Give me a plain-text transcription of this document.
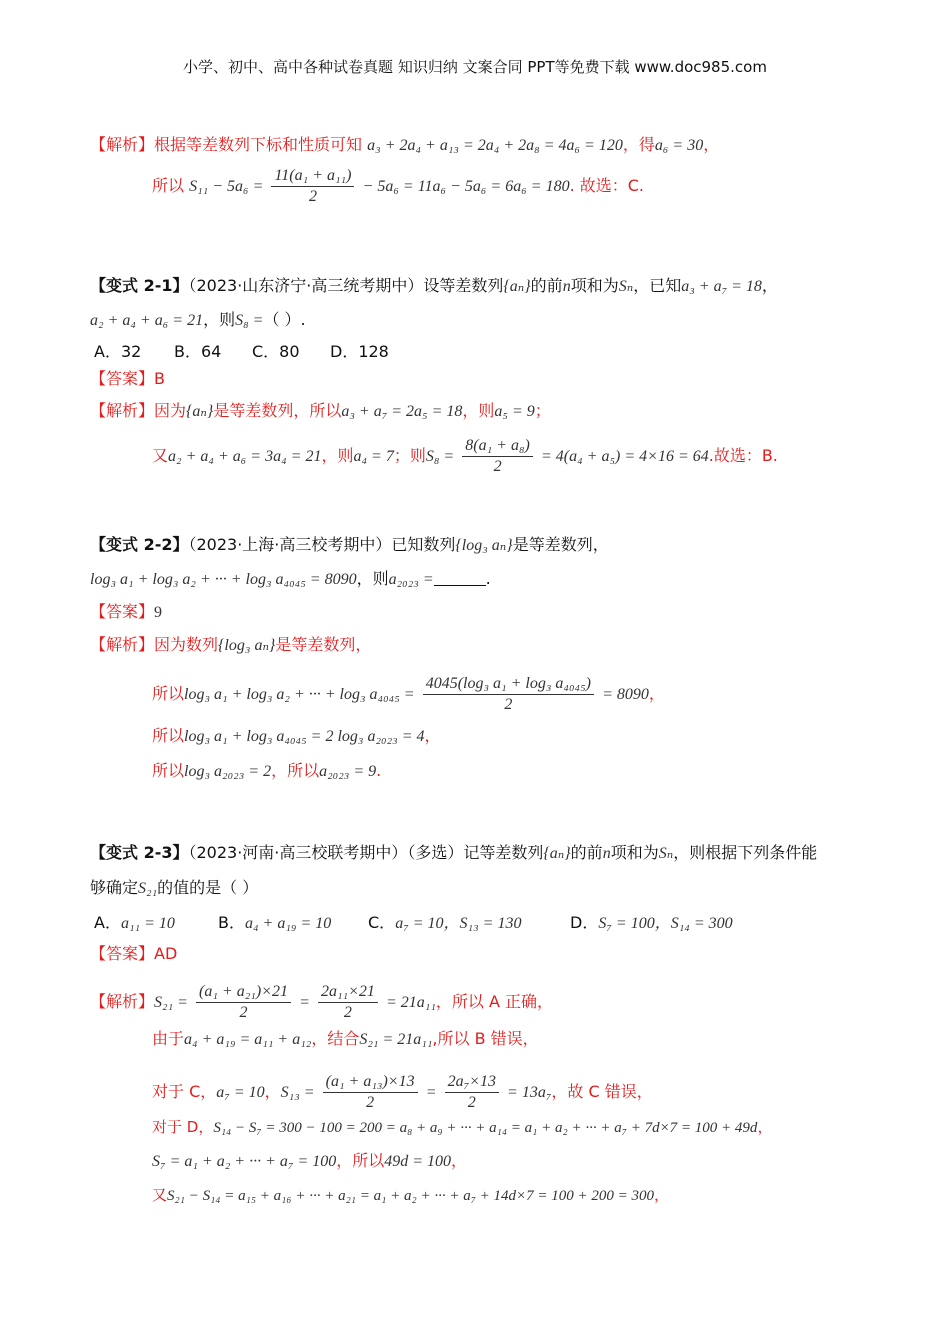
小学、初中、高中各种试卷真题 知识归纳 文案合同 PPT等免费下载 www.doc985.com
【解析】根据等差数列下标和性质可知 a₃ + 2a₄ + a₁₃ = 2a₄ + 2a₈ = 4a₆ = 120，得a₆ = 30，
所以 $S_{11} - 5a_6 = \frac{\text{11(a₁ + a₁₁)}}{2} - 5a_6 = 11a_6 - 5a_6 = 6a_6 = 180$. 故选：C.
【变式 2-1】（2023·山东济宁·高三统考期中）设等差数列{aₙ}的前n项和为Sₙ，已知a₃ + a₇ = 18，
a₂ + a₄ + a₆ = 21，则S₈ =（ ）.
A．32 B．64 C．80 D．128
【答案】B
【解析】因为{aₙ}是等差数列，所以a₃ + a₇ = 2a₅ = 18，则a₅ = 9；
又a₂ + a₄ + a₆ = 3a₄ = 21，则a₄ = 7；则$S_8 = \frac{\text{8(a₁ + a₈)}}{2} = 4(a_4 + a_5) = 4\times 16 = 64$.故选：B.
【变式 2-2】（2023·上海·高三校考期中）已知数列{log₃ aₙ}是等差数列，
log₃ a₁ + log₃ a₂ + ··· + log₃ a₄₀₄₅ = 8090，则a₂₀₂₃ =	.
【答案】9
【解析】因为数列{log₃ aₙ}是等差数列，
所以log₃ a₁ + log₃ a₂ + ··· + log₃ $a_{4045} = \frac{\text{4045(log₃ a₁ + log₃ a₄₀₄₅)}}{2} = 8090$，
所以log₃ a₁ + log₃ a₄₀₄₅ = 2 log₃ a₂₀₂₃ = 4，
所以log₃ a₂₀₂₃ = 2，所以a₂₀₂₃ = 9.
【变式 2-3】（2023·河南·高三校联考期中）（多选）记等差数列{aₙ}的前n项和为Sₙ，则根据下列条件能
够确定S₂₁的值的是（ ）
A．a₁₁ = 10	B．a₄ + a₁₉ = 10 C．a₇ = 10，S₁₃ = 130	D．S₇ = 100，S₁₄ = 300
【答案】AD
【解析】$S_{21} = \frac{\text{(a₁ + a₂₁)×21}}{2} = \frac{\text{2a₁₁×21}}{2} = 21a_{11}$，所以 A 正确，
由于a₄ + a₁₉ = a₁₁ + a₁₂，结合S₂₁ = 21a₁₁,所以 B 错误，
对于 C，a₇ = 10，$S_{13} = \frac{\text{(a₁ + a₁₃)×13}}{2} = \frac{\text{2a₇×13}}{2} = 13a_7$，故 C 错误，
对于 D，S₁₄ − S₇ = 300 − 100 = 200 = a₈ + a₉ + ··· + a₁₄ = a₁ + a₂ + ··· + a₇ + 7d×7 = 100 + 49d，
S₇ = a₁ + a₂ + ··· + a₇ = 100，所以49d = 100，
又S₂₁ − S₁₄ = a₁₅ + a₁₆ + ··· + a₂₁ = a₁ + a₂ + ··· + a₇ + 14d×7 = 100 + 200 = 300，
